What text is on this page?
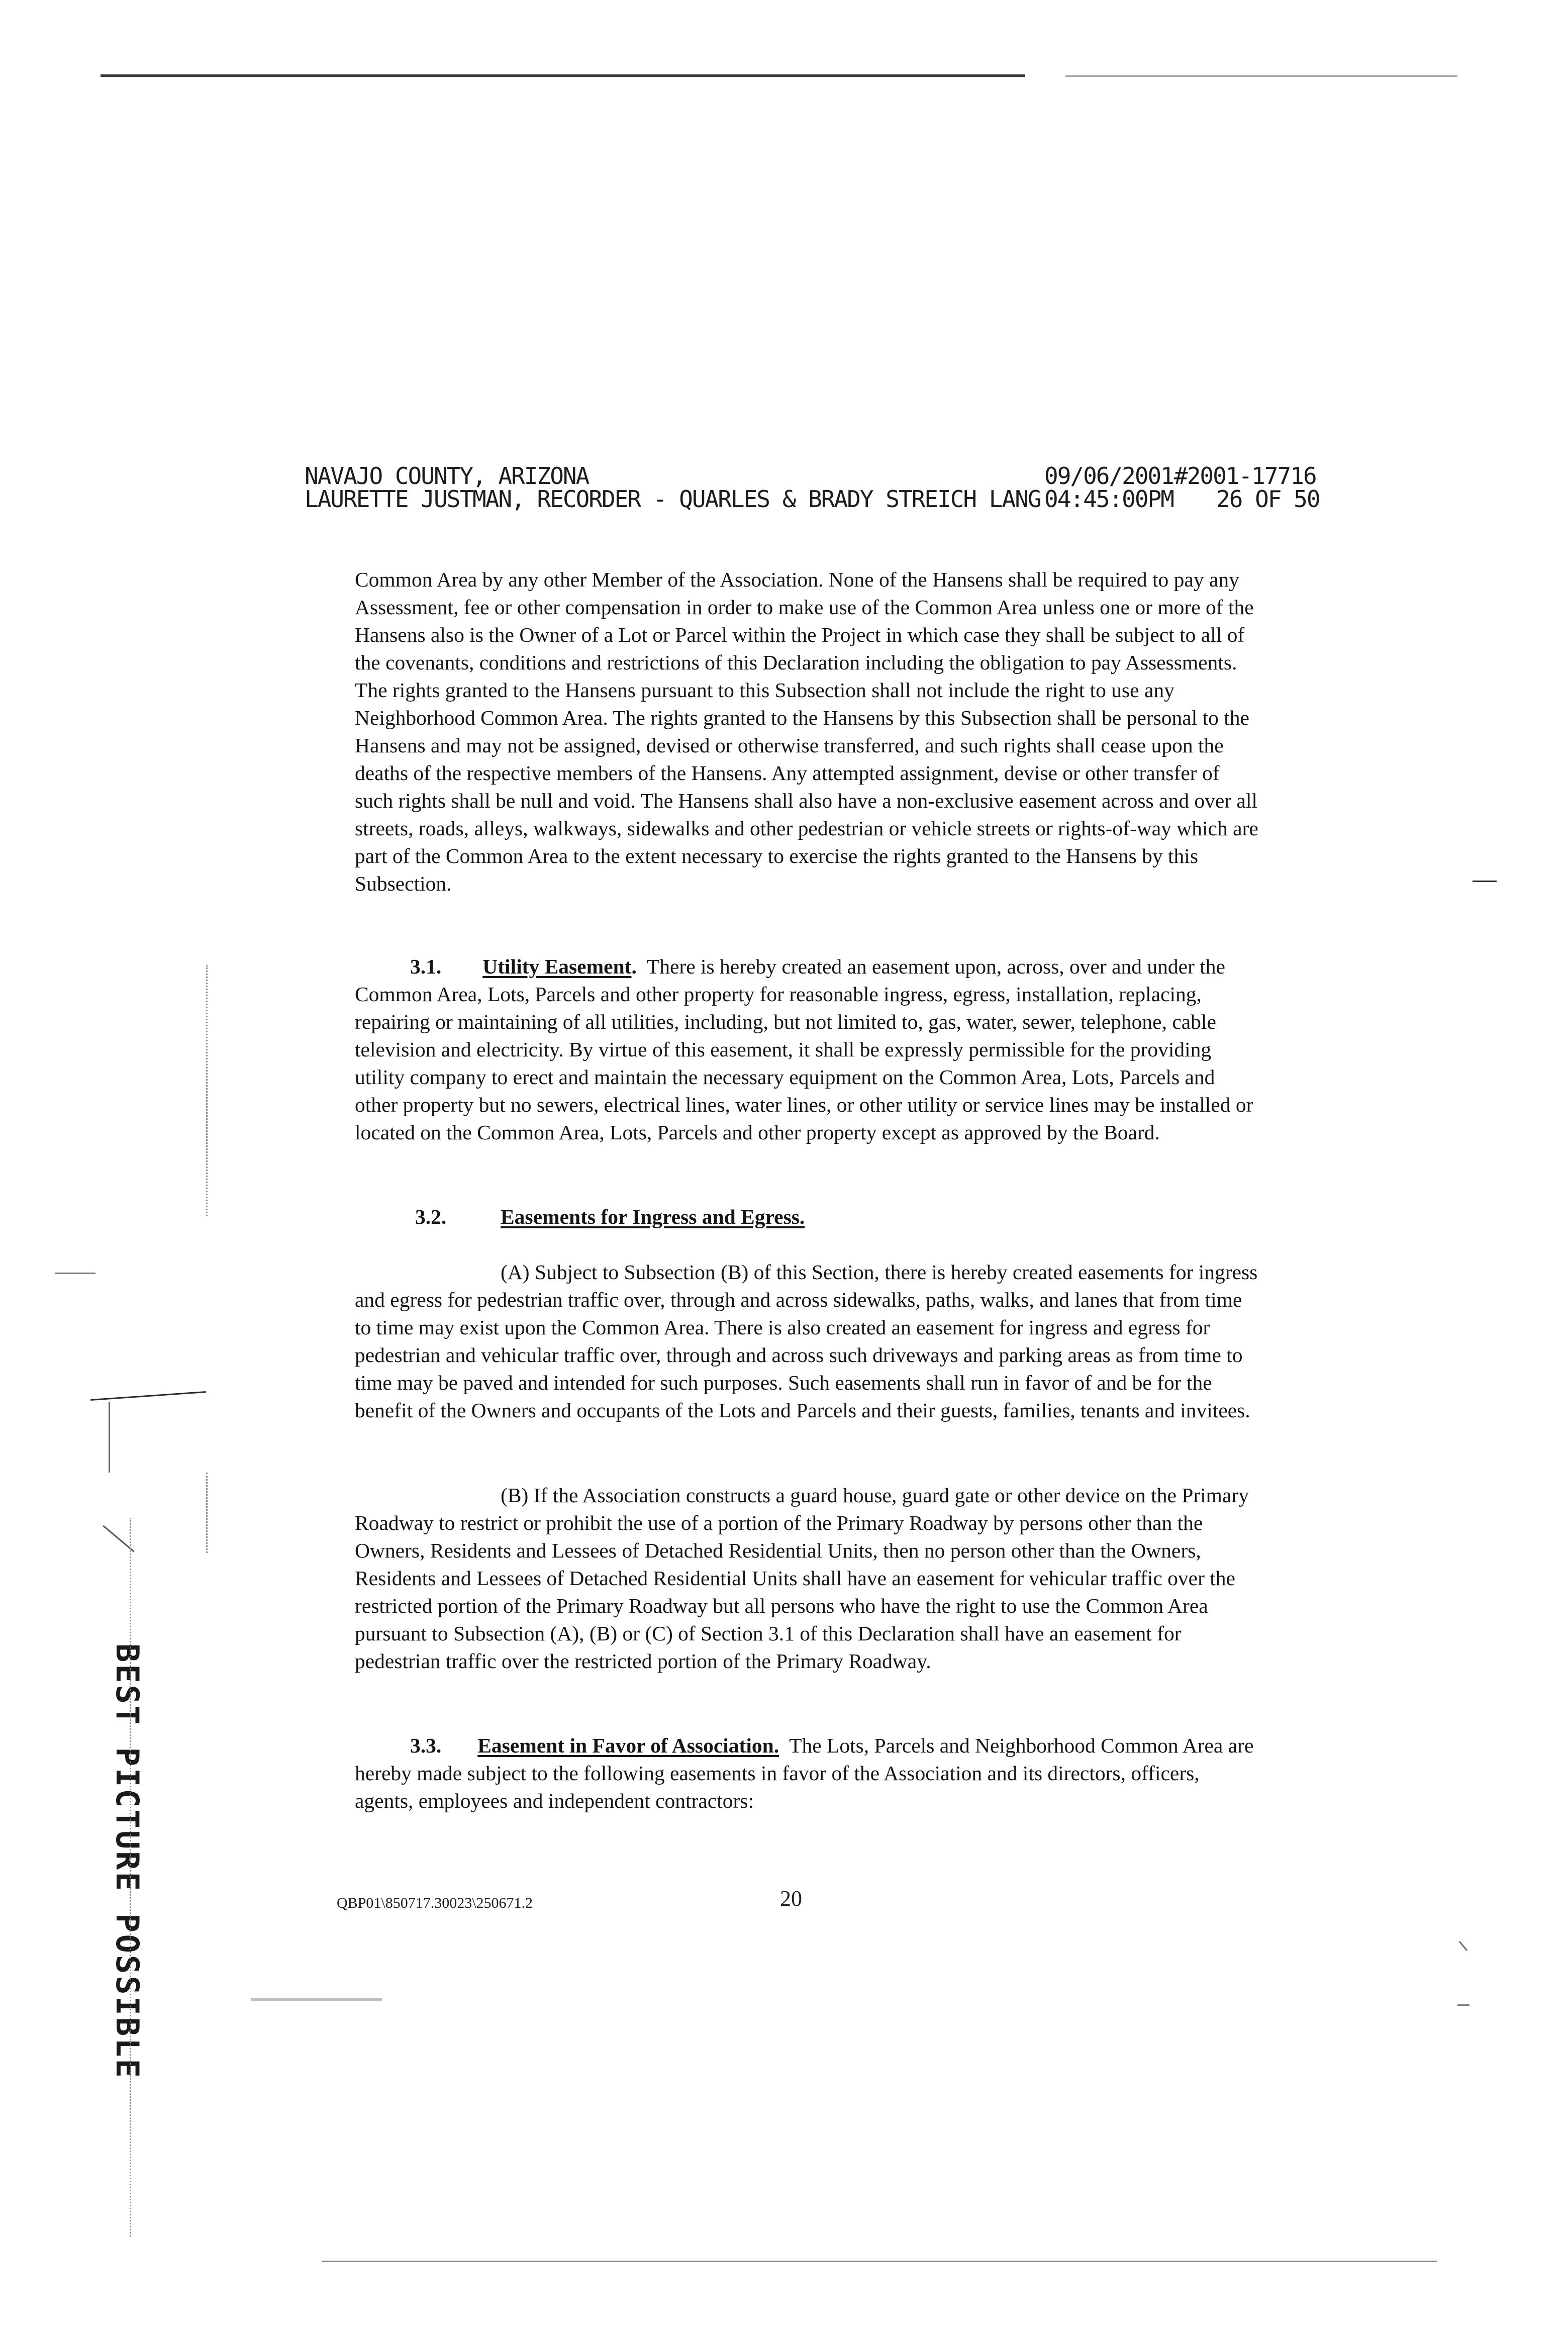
NAVAJO COUNTY, ARIZONA
LAURETTE JUSTMAN, RECORDER - QUARLES & BRADY STREICH LANG
09/06/2001 #2001-17716
04:45:00PM 26 OF 50

Common Area by any other Member of the Association. None of the Hansens shall be required to pay any Assessment, fee or other compensation in order to make use of the Common Area unless one or more of the Hansens also is the Owner of a Lot or Parcel within the Project in which case they shall be subject to all of the covenants, conditions and restrictions of this Declaration including the obligation to pay Assessments. The rights granted to the Hansens pursuant to this Subsection shall not include the right to use any Neighborhood Common Area. The rights granted to the Hansens by this Subsection shall be personal to the Hansens and may not be assigned, devised or otherwise transferred, and such rights shall cease upon the deaths of the respective members of the Hansens. Any attempted assignment, devise or other transfer of such rights shall be null and void. The Hansens shall also have a non-exclusive easement across and over all streets, roads, alleys, walkways, sidewalks and other pedestrian or vehicle streets or rights-of-way which are part of the Common Area to the extent necessary to exercise the rights granted to the Hansens by this Subsection.

3.1. Utility Easement. There is hereby created an easement upon, across, over and under the Common Area, Lots, Parcels and other property for reasonable ingress, egress, installation, replacing, repairing or maintaining of all utilities, including, but not limited to, gas, water, sewer, telephone, cable television and electricity. By virtue of this easement, it shall be expressly permissible for the providing utility company to erect and maintain the necessary equipment on the Common Area, Lots, Parcels and other property but no sewers, electrical lines, water lines, or other utility or service lines may be installed or located on the Common Area, Lots, Parcels and other property except as approved by the Board.

3.2.	Easements for Ingress and Egress.

(A) Subject to Subsection (B) of this Section, there is hereby created easements for ingress and egress for pedestrian traffic over, through and across sidewalks, paths, walks, and lanes that from time to time may exist upon the Common Area. There is also created an easement for ingress and egress for pedestrian and vehicular traffic over, through and across such driveways and parking areas as from time to time may be paved and intended for such purposes. Such easements shall run in favor of and be for the benefit of the Owners and occupants of the Lots and Parcels and their guests, families, tenants and invitees.

(B) If the Association constructs a guard house, guard gate or other device on the Primary Roadway to restrict or prohibit the use of a portion of the Primary Roadway by persons other than the Owners, Residents and Lessees of Detached Residential Units, then no person other than the Owners, Residents and Lessees of Detached Residential Units shall have an easement for vehicular traffic over the restricted portion of the Primary Roadway but all persons who have the right to use the Common Area pursuant to Subsection (A), (B) or (C) of Section 3.1 of this Declaration shall have an easement for pedestrian traffic over the restricted portion of the Primary Roadway.

3.3. Easement in Favor of Association. The Lots, Parcels and Neighborhood Common Area are hereby made subject to the following easements in favor of the Association and its directors, officers, agents, employees and independent contractors:

QBP01\850717.30023\250671.2	20
BEST PICTURE POSSIBLE
